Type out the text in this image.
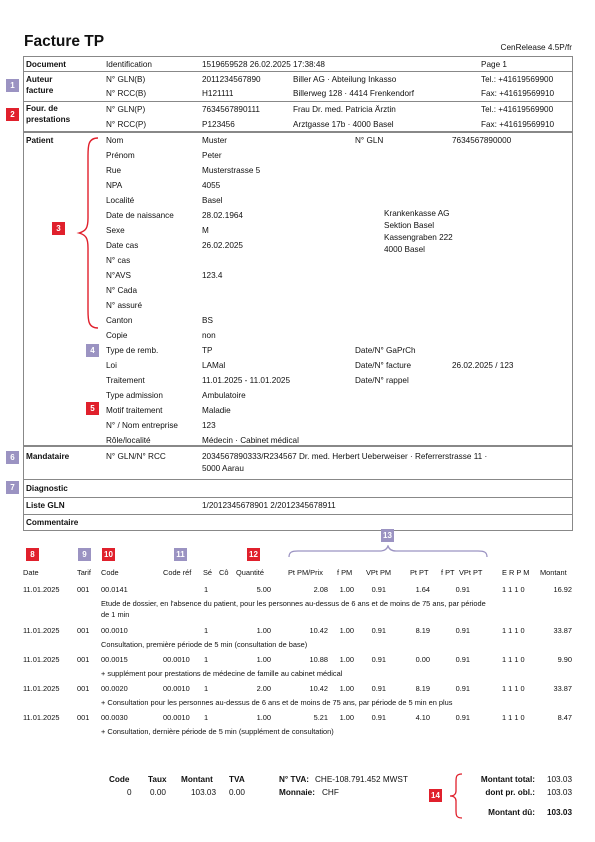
Facture TP	CenRelease 4.5P/fr
Document	Identification	1519659528 26.02.2025 17:38:48	Page 1
Auteur
facture
N° GLN(B)	2011234567890	Biller AG · Abteilung Inkasso	Tel.: +41619569900
N° RCC(B)	H121111	Billerweg 128 · 4414 Frenkendorf	Fax: +41619569910
Four. de
prestations
N° GLN(P)	7634567890111	Frau Dr. med. Patricia Ärztin	Tel.: +41619569900
N° RCC(P)	P123456	Arztgasse 17b · 4000 Basel	Fax: +41619569910
1
2
Patient	N° GLN	7634567890000
Nom	Muster
Prénom	Peter
Rue	Musterstrasse 5
NPA	4055
Localité	Basel
Date de naissance	28.02.1964
Sexe	M
Date cas	26.02.2025
N° cas
N°AVS	123.4
N° Cada
N° assuré
Canton	BS
Copie	non
Type de remb.	TP
Loi	LAMal
Traitement	11.01.2025 - 11.01.2025
Type admission	Ambulatoire
Motif traitement	Maladie
N° / Nom entreprise	123
Rôle/localité	Médecin · Cabinet médical
Krankenkasse AG
Sektion Basel
Kassengraben 222
4000 Basel
Date/N° GaPrCh
Date/N° facture	26.02.2025 / 123
Date/N° rappel
3
4
5
Mandataire	N° GLN/N° RCC	2034567890333/R234567 Dr. med. Herbert Ueberweiser · Referrerstrasse 11 ·
5000 Aarau
Diagnostic
Liste GLN	1/2012345678901 2/2012345678911
Commentaire
6
7
8	9	10	11	12
13
Date	Tarif Code	Code réf Sé Cô Quantité	Pt PM/Prix f PM VPt PM	Pt PT f PT VPt PT	E R P M Montant
11.01.2025 001 00.0141	1	5.00	2.08 1.00 0.91	1.64	0.91	1 1 1 0	16.92
Etude de dossier, en l'absence du patient, pour les personnes au-dessus de 6 ans et de moins de 75 ans, par période
de 1 min
11.01.2025 001 00.0010	1	1.00	10.42 1.00 0.91	8.19	0.91	1 1 1 0	33.87
Consultation, première période de 5 min (consultation de base)
11.01.2025 001 00.0015	00.0010 1	1.00	10.88 1.00 0.91	0.00	0.91	1 1 1 0	9.90
+ supplément pour prestations de médecine de famille au cabinet médical
11.01.2025 001 00.0020	00.0010 1	2.00	10.42 1.00 0.91	8.19	0.91	1 1 1 0	33.87
+ Consultation pour les personnes au-dessus de 6 ans et de moins de 75 ans, par période de 5 min en plus
11.01.2025 001 00.0030	00.0010 1	1.00	5.21 1.00 0.91	4.10	0.91	1 1 1 0	8.47
+ Consultation, dernière période de 5 min (supplément de consultation)
Code Taux Montant TVA
0 0.00	103.03 0.00
N° TVA: CHE-108.791.452 MWST
Monnaie: CHF	14
Montant total: 103.03
dont pr. obl.: 103.03
Montant dû: 103.03
